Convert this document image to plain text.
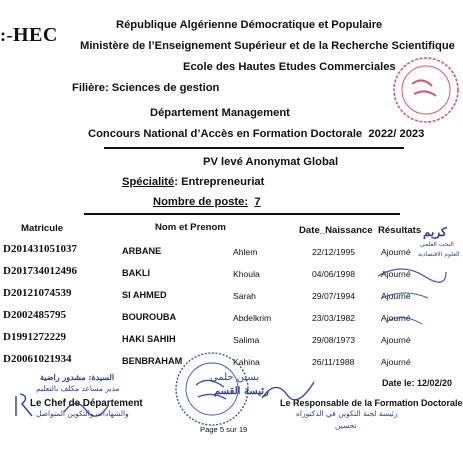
:-HEC	République Algérienne Démocratique et Populaire
Ministère de l’Enseignement Supérieur et de la Recherche Scientifique
Ecole des Hautes Etudes Commerciales
Filière: Sciences de gestion
Département Management
Concours National d’Accès en Formation Doctorale 2022/ 2023
PV levé Anonymat Global
Spécialité: Entrepreneuriat
Nombre de poste: 7
Matricule	Nom et Prenom	Date_Naissance Résultats
D201431051037	ARBANE	Ahlem	22/12/1995	Ajourné
D201734012496	BAKLI	Khoula	04/06/1998	Ajourné
D20121074539	SI AHMED	Sarah	29/07/1994	Ajourné
D2002485795	BOUROUBA	Abdelkrim	23/03/1982	Ajourné
D1991272229	HAKI SAHIH	Salima	29/08/1973	Ajourné
D20061021934	BENBRAHAM	Kahina	26/11/1988	Ajourné
Date le: 12/02/20
Le Chef de Département	Le Responsable de la Formation Doctorale
Page 5 sur 19
كريم
البحث العلمي
العلوم الاقتصادية
بسين حلمي
رئيسة القسم
السيدة: مشدور راضية
مدير مساعد مكلف بالتعليم
والشهادات والتكوين المتواصل	رئيسة لجنة التكوين في الدكتوراه
تحسين
